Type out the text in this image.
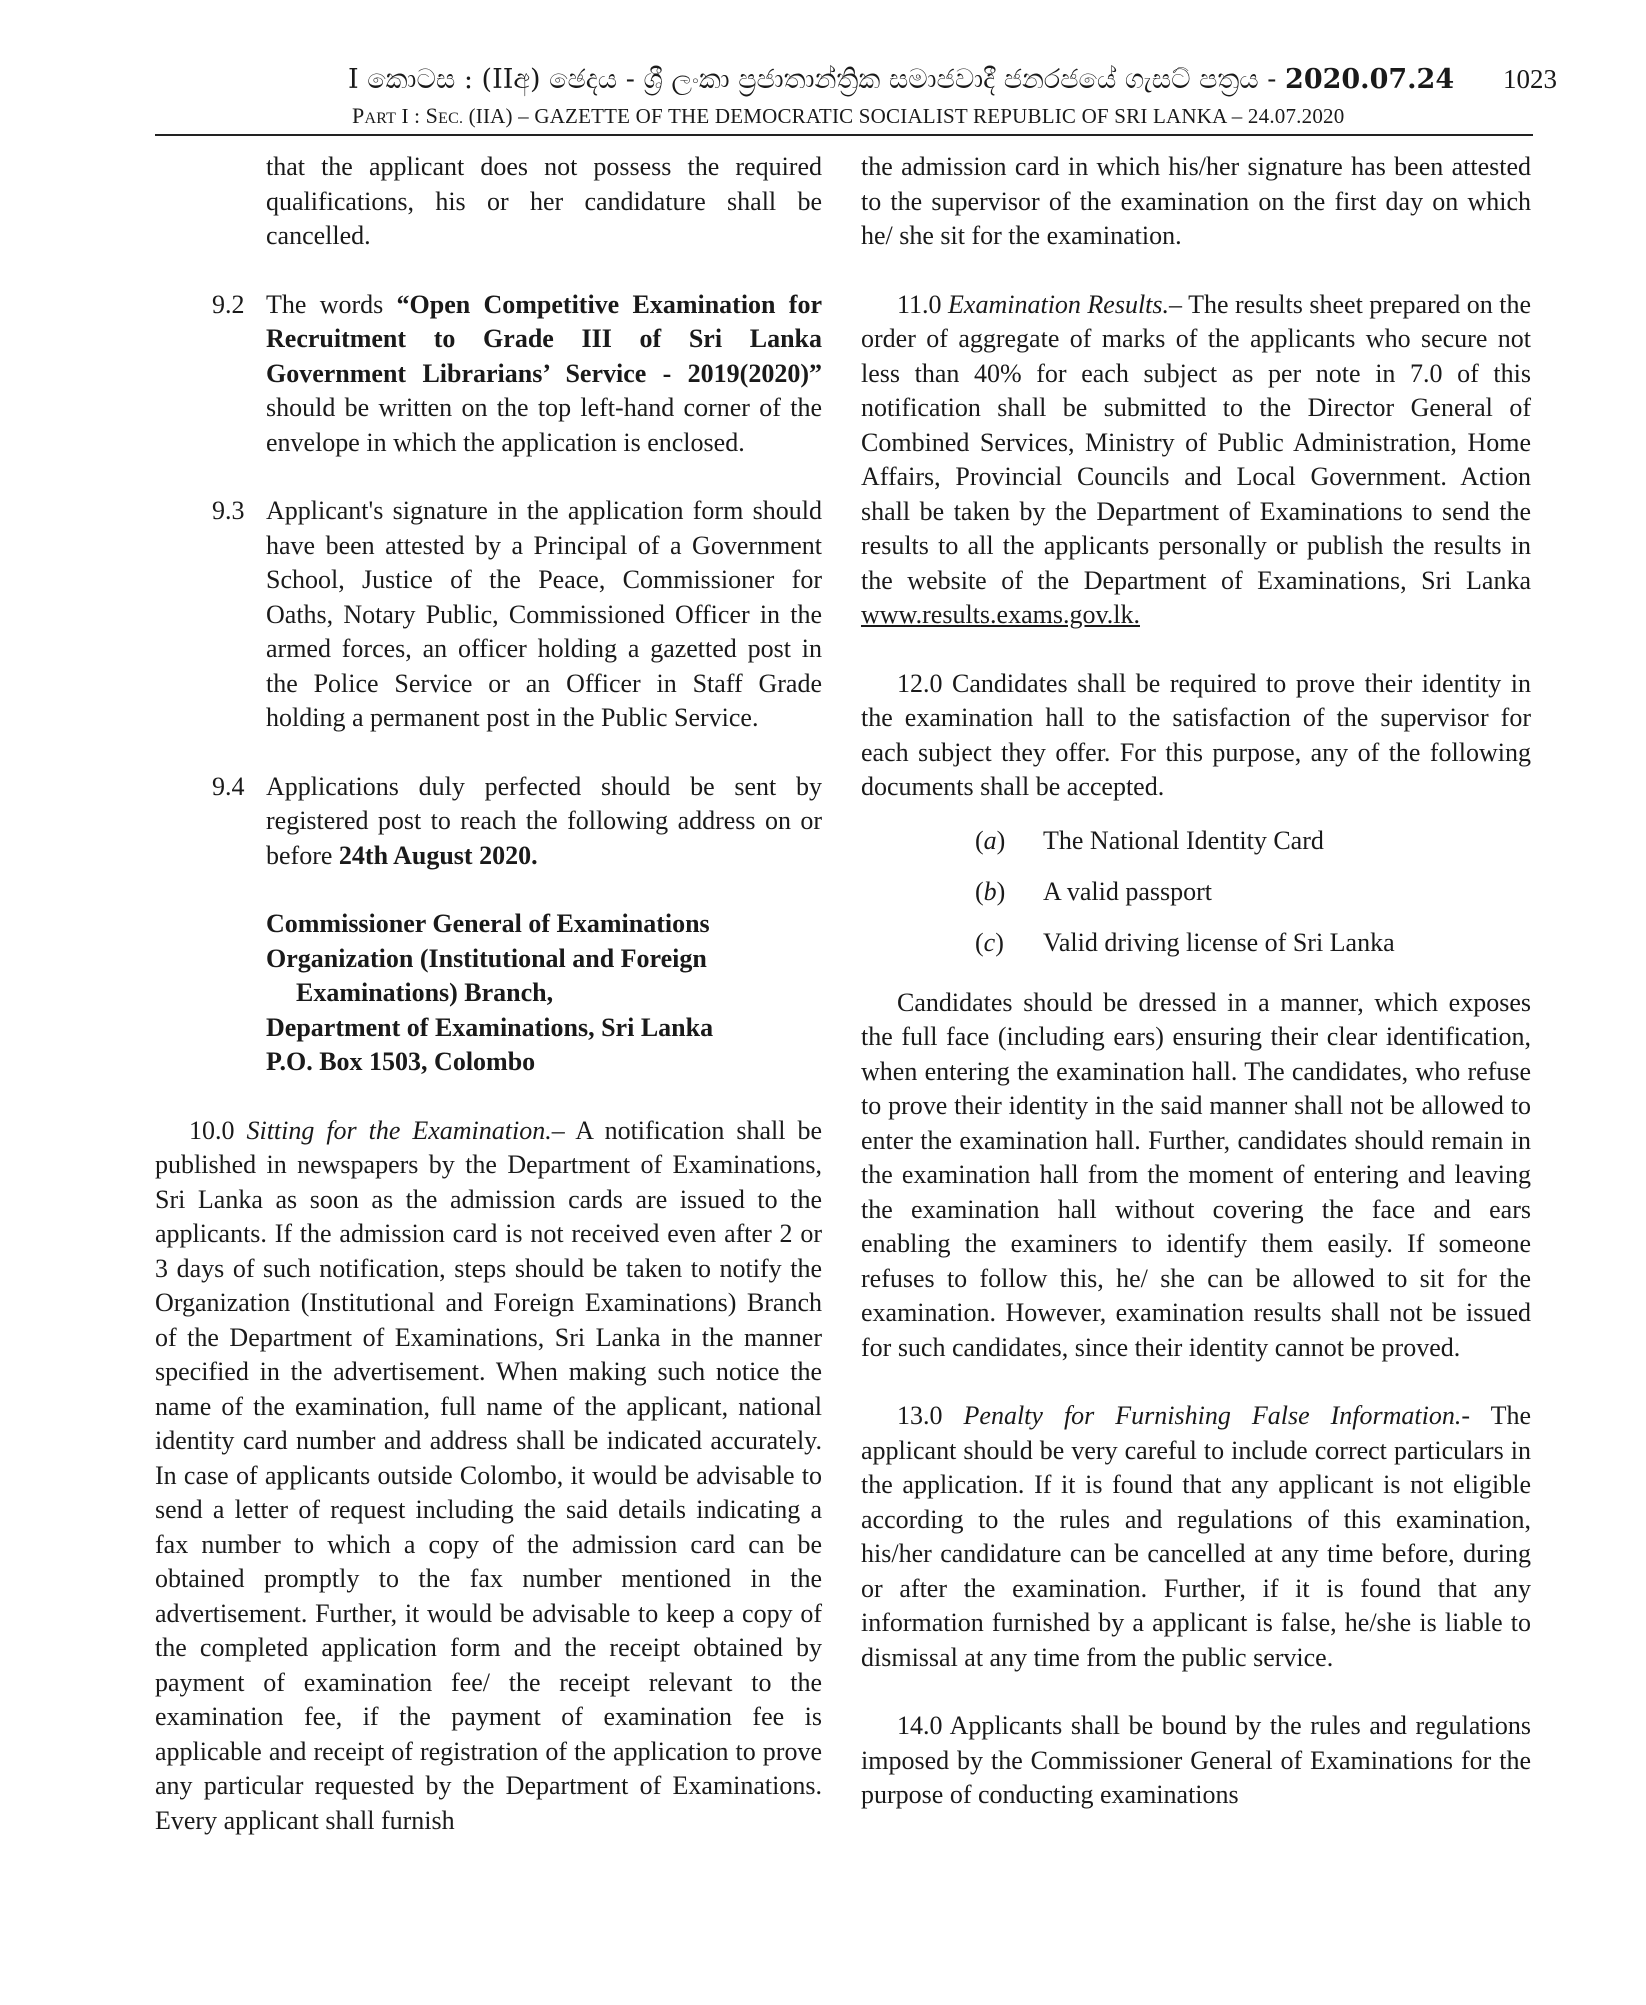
I කොටස : (IIඅ) ඡෙදය - ශ්‍රී ලංකා ප්‍රජාතාන්ත්‍රික සමාජවාදී ජනරජයේ ගැසට් පත්‍රය - 2020.07.24 1023
PART I : SEC. (IIA) – GAZETTE OF THE DEMOCRATIC SOCIALIST REPUBLIC OF SRI LANKA – 24.07.2020

that the applicant does not possess the required qualifications, his or her candidature shall be cancelled.

9.2 The words “Open Competitive Examination for Recruitment to Grade III of Sri Lanka Government Librarians’ Service - 2019(2020)” should be written on the top left-hand corner of the envelope in which the application is enclosed.

9.3 Applicant's signature in the application form should have been attested by a Principal of a Government School, Justice of the Peace, Commissioner for Oaths, Notary Public, Commissioned Officer in the armed forces, an officer holding a gazetted post in the Police Service or an Officer in Staff Grade holding a permanent post in the Public Service.

9.4 Applications duly perfected should be sent by registered post to reach the following address on or before 24th August 2020.

Commissioner General of Examinations
Organization (Institutional and Foreign
Examinations) Branch,
Department of Examinations, Sri Lanka
P.O. Box 1503, Colombo

10.0 Sitting for the Examination.– A notification shall be published in newspapers by the Department of Examinations, Sri Lanka as soon as the admission cards are issued to the applicants. If the admission card is not received even after 2 or 3 days of such notification, steps should be taken to notify the Organization (Institutional and Foreign Examinations) Branch of the Department of Examinations, Sri Lanka in the manner specified in the advertisement. When making such notice the name of the examination, full name of the applicant, national identity card number and address shall be indicated accurately. In case of applicants outside Colombo, it would be advisable to send a letter of request including the said details indicating a fax number to which a copy of the admission card can be obtained promptly to the fax number mentioned in the advertisement. Further, it would be advisable to keep a copy of the completed application form and the receipt obtained by payment of examination fee/ the receipt relevant to the examination fee, if the payment of examination fee is applicable and receipt of registration of the application to prove any particular requested by the Department of Examinations. Every applicant shall furnish

the admission card in which his/her signature has been attested to the supervisor of the examination on the first day on which he/ she sit for the examination.

11.0 Examination Results.– The results sheet prepared on the order of aggregate of marks of the applicants who secure not less than 40% for each subject as per note in 7.0 of this notification shall be submitted to the Director General of Combined Services, Ministry of Public Administration, Home Affairs, Provincial Councils and Local Government. Action shall be taken by the Department of Examinations to send the results to all the applicants personally or publish the results in the website of the Department of Examinations, Sri Lanka www.results.exams.gov.lk.

12.0 Candidates shall be required to prove their identity in the examination hall to the satisfaction of the supervisor for each subject they offer. For this purpose, any of the following documents shall be accepted.

(a) The National Identity Card
(b) A valid passport
(c) Valid driving license of Sri Lanka

Candidates should be dressed in a manner, which exposes the full face (including ears) ensuring their clear identification, when entering the examination hall. The candidates, who refuse to prove their identity in the said manner shall not be allowed to enter the examination hall. Further, candidates should remain in the examination hall from the moment of entering and leaving the examination hall without covering the face and ears enabling the examiners to identify them easily. If someone refuses to follow this, he/ she can be allowed to sit for the examination. However, examination results shall not be issued for such candidates, since their identity cannot be proved.

13.0 Penalty for Furnishing False Information.- The applicant should be very careful to include correct particulars in the application. If it is found that any applicant is not eligible according to the rules and regulations of this examination, his/her candidature can be cancelled at any time before, during or after the examination. Further, if it is found that any information furnished by a applicant is false, he/she is liable to dismissal at any time from the public service.

14.0 Applicants shall be bound by the rules and regulations imposed by the Commissioner General of Examinations for the purpose of conducting examinations
